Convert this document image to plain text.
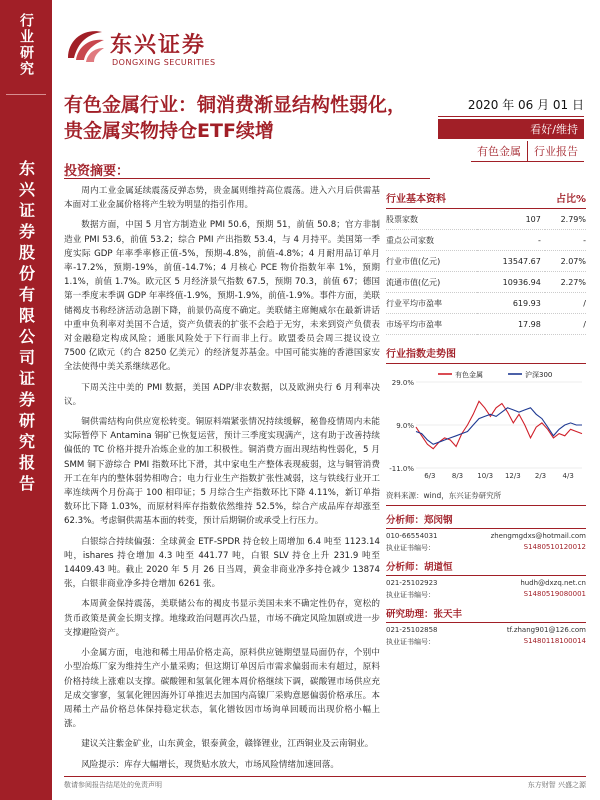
行业研究
东兴证券股份有限公司证券研究报告
东兴证券
DONGXING SECURITIES
有色金属行业：铜消费渐显结构性弱化，贵金属实物持仓ETF续增
2020 年 06 月 01 日
看好/维持
有色金属	行业报告
投资摘要：

周内工业金属延续震荡反弹态势，贵金属则维持高位震荡。进入六月后供需基本面对工业金属价格将产生较为明显的指引作用。

数据方面，中国 5 月官方制造业 PMI 50.6，预期 51，前值 50.8；官方非制造业 PMI 53.6，前值 53.2；综合 PMI 产出指数 53.4，与 4 月持平。美国第一季度实际 GDP 年率季率修正值-5%，预期-4.8%，前值-4.8%；4 月耐用品订单月率-17.2%，预期-19%，前值-14.7%；4 月核心 PCE 物价指数年率 1%，预期 1.1%，前值 1.7%。欧元区 5 月经济景气指数 67.5，预期 70.3，前值 67；德国第一季度末季调 GDP 年率终值-1.9%，预期-1.9%，前值-1.9%。事件方面，美联储褐皮书称经济活动急剧下降，前景仍高度不确定。美联储主席鲍威尔在最新讲话中重申负利率对美国不合适，资产负债表的扩张不会趋于无穷，未来到资产负债表对金融稳定构成风险；通胀风险处于下行而非上行。欧盟委员会周三提议设立 7500 亿欧元（约合 8250 亿美元）的经济复苏基金。中国可能实施的香港国家安全法使得中美关系继续恶化。

下周关注中美的 PMI 数据，美国 ADP/非农数据，以及欧洲央行 6 月利率决议。

铜供需结构向供应宽松转变。铜原料端紧张情况持续缓解，秘鲁疫情周内未能实际暂停下 Antamina 铜矿已恢复运营，预计三季度实现满产，这有助于改善持续偏低的 TC 价格并提升冶炼企业的加工积极性。铜消费方面出现结构性弱化，5 月 SMM 铜下游综合 PMI 指数环比下滑，其中家电生产整体表现疲弱，这与铜管消费开工在年内的整体弱势相吻合；电力行业生产指数扩张性减弱，这与铁线行业开工率连续两个月份高于 100 相印证；5 月综合生产指数环比下降 4.11%，新订单指数环比下降 1.03%，而原材料库存指数依然维持 52.5%，综合产成品库存却涨至 62.3%。考虑铜供需基本面的转变，预计后期铜价或承受上行压力。

白银综合持续偏强：全球黄金 ETF-SPDR 持仓较上周增加 6.4 吨至 1123.14 吨，ishares 持仓增加 4.3 吨至 441.77 吨，白银 SLV 持仓上升 231.9 吨至 14409.43 吨。截止 2020 年 5 月 26 日当周，黄金非商业净多持仓减少 13874 张，白银非商业净多持仓增加 6261 张。

本周黄金保持震荡，美联储公布的褐皮书显示美国未来不确定性仍存，宽松的货币政策是黄金长期支撑。地缘政治问题再次凸显，市场不确定风险加剧或进一步支撑避险资产。

小金属方面，电池和稀土用品价格走高，原料供应链期望显局面仍存，个别中小型冶炼厂家为维持生产小量采购；但这期订单因后市需求偏弱而未有超过，原料价格持续上涨难以支撑。碳酸锂和氢氧化锂本周价格继续下调，碳酸锂市场供应充足成交寥寥，氢氧化锂因海外订单推迟去加国内高镍厂采购意愿偏弱价格承压。本周稀土产品价格总体保持稳定状态，氧化镨钕因市场询单回暖而出现价格小幅上涨。

建议关注紫金矿业，山东黄金，银泰黄金，赣锋锂业，江西铜业及云南铜业。

风险提示：库存大幅增长，现货贴水放大，市场风险情绪加速回落。

行业基本资料	占比%
股票家数	107	2.79%
重点公司家数	-	-
行业市值(亿元)	13547.67	2.07%
流通市值(亿元)	10936.94	2.27%
行业平均市盈率	619.93	/
市场平均市盈率	17.98	/
行业指数走势图
29.0%
9.0%
-11.0%
6/3 8/3 10/3 12/3 2/3 4/3
有色金属	沪深300
资料来源：wind，东兴证券研究所
分析师：郑闵钢
010-66554031	zhengmgdxs@hotmail.com
执业证书编号：	S1480510120012
分析师：胡道恒
021-25102923	hudh@dxzq.net.cn
执业证书编号：	S1480519080001
研究助理：张天丰
021-25102858	tf.zhang901@126.com
执业证书编号：	S1480118100014
敬请参阅报告结尾处的免责声明	东方财智 兴盛之源
